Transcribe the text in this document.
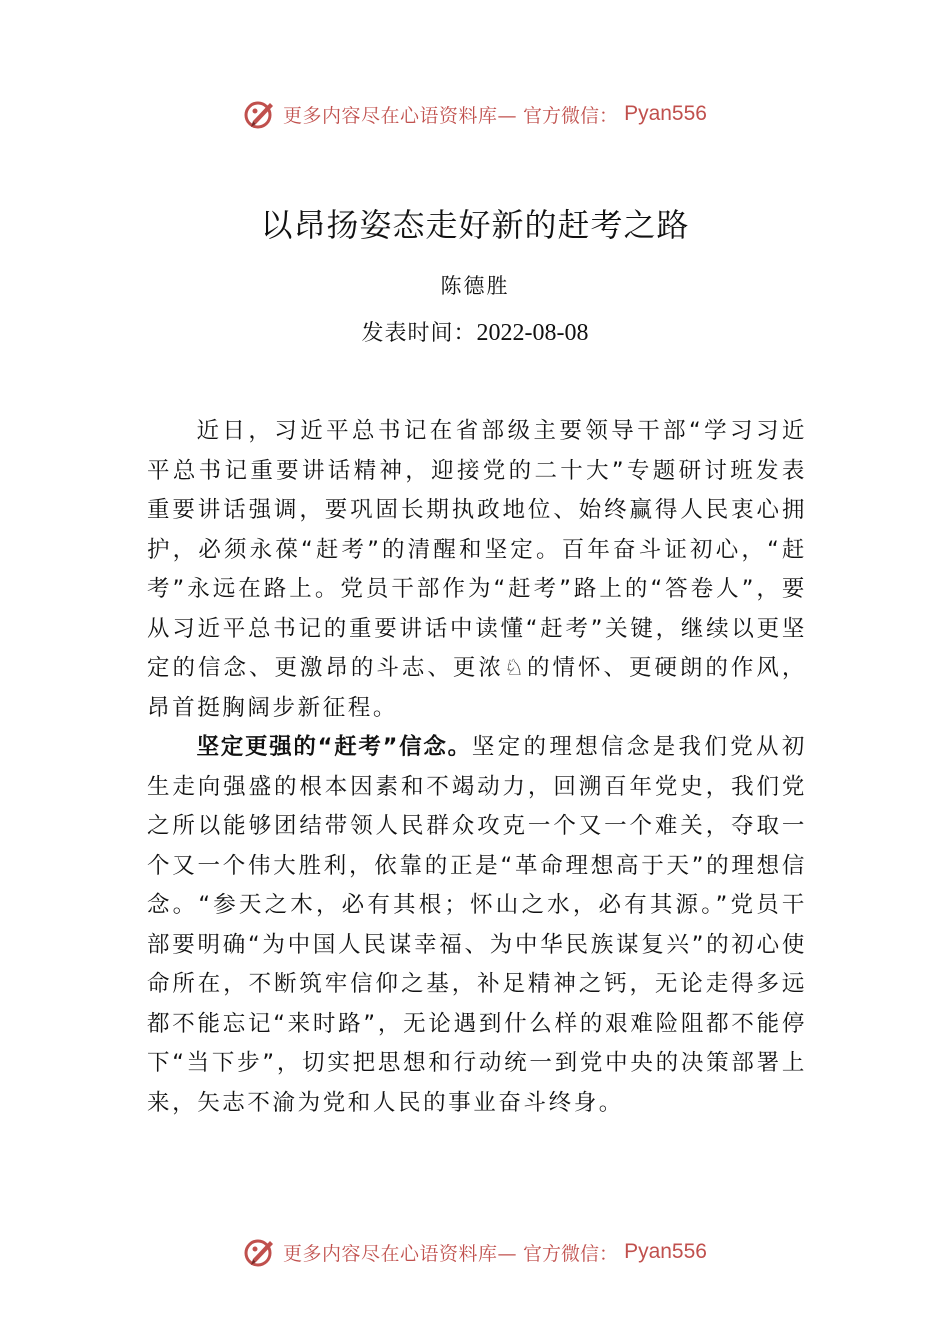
更多内容尽在心语资料库— 官方微信： Pyan556
以昂扬姿态走好新的赶考之路
陈德胜
发表时间：2022-08-08

近日，习近平总书记在省部级主要领导干部“学习习近平总书记重要讲话精神，迎接党的二十大”专题研讨班发表重要讲话强调，要巩固长期执政地位、始终赢得人民衷心拥护，必须永葆“赶考”的清醒和坚定。百年奋斗证初心，“赶考”永远在路上。党员干部作为“赶考”路上的“答卷人”，要从习近平总书记的重要讲话中读懂“赶考”关键，继续以更坚定的信念、更激昂的斗志、更浓♘的情怀、更硬朗的作风，昂首挺胸阔步新征程。

坚定更强的“赶考”信念。坚定的理想信念是我们党从初生走向强盛的根本因素和不竭动力，回溯百年党史，我们党之所以能够团结带领人民群众攻克一个又一个难关，夺取一个又一个伟大胜利，依靠的正是“革命理想高于天”的理想信念。“参天之木，必有其根；怀山之水，必有其源。”党员干部要明确“为中国人民谋幸福、为中华民族谋复兴”的初心使命所在，不断筑牢信仰之基，补足精神之钙，无论走得多远都不能忘记“来时路”，无论遇到什么样的艰难险阻都不能停下“当下步”，切实把思想和行动统一到党中央的决策部署上来，矢志不渝为党和人民的事业奋斗终身。

更多内容尽在心语资料库— 官方微信： Pyan556
